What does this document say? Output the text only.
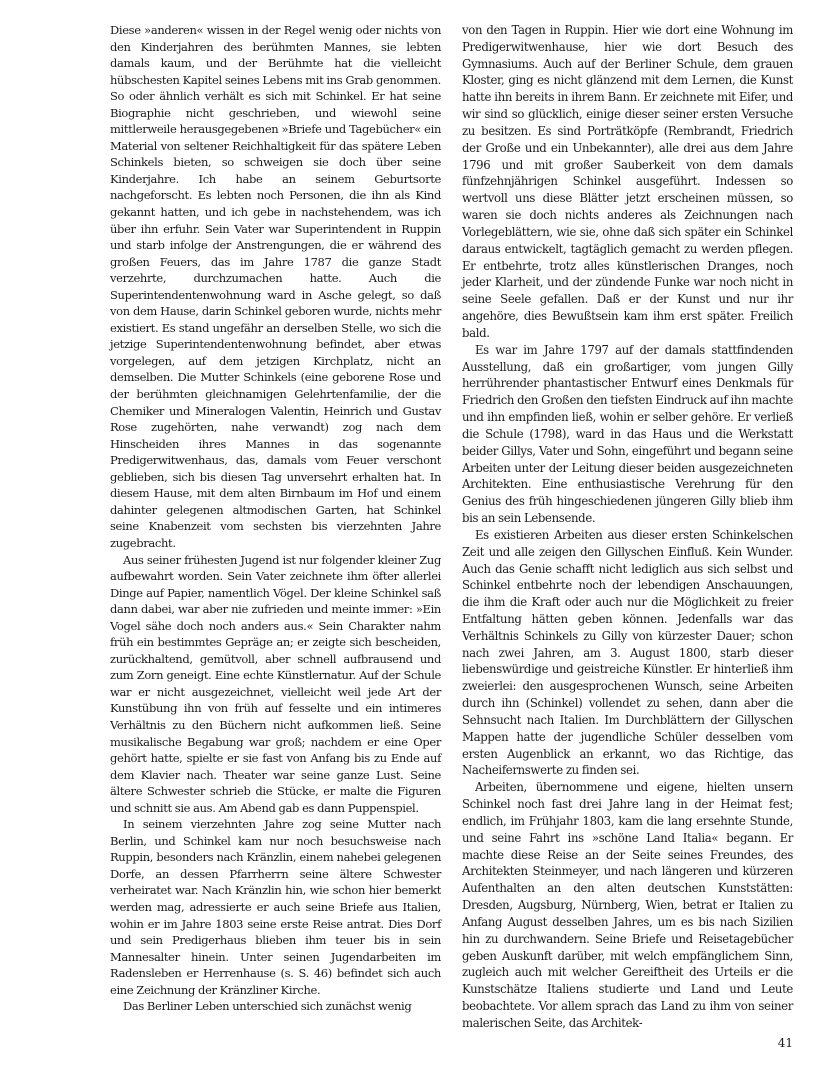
Diese »anderen« wissen in der Regel wenig oder nichts von den Kinderjahren des berühmten Mannes, sie lebten damals kaum, und der Berühmte hat die vielleicht hübschesten Kapitel seines Lebens mit ins Grab genommen. So oder ähnlich verhält es sich mit Schinkel. Er hat seine Biographie nicht geschrieben, und wiewohl seine mittlerweile herausgegebenen »Briefe und Tagebücher« ein Material von seltener Reichhaltigkeit für das spätere Leben Schinkels bieten, so schweigen sie doch über seine Kinderjahre. Ich habe an seinem Geburtsorte nachgeforscht. Es lebten noch Personen, die ihn als Kind gekannt hatten, und ich gebe in nachstehendem, was ich über ihn erfuhr. Sein Vater war Superintendent in Ruppin und starb infolge der Anstrengungen, die er während des großen Feuers, das im Jahre 1787 die ganze Stadt verzehrte, durchzumachen hatte. Auch die Superintendentenwohnung ward in Asche gelegt, so daß von dem Hause, darin Schinkel geboren wurde, nichts mehr existiert. Es stand ungefähr an derselben Stelle, wo sich die jetzige Superintendentenwohnung befindet, aber etwas vorgelegen, auf dem jetzigen Kirchplatz, nicht an demselben. Die Mutter Schinkels (eine geborene Rose und der berühmten gleichnamigen Gelehrtenfamilie, der die Chemiker und Mineralogen Valentin, Heinrich und Gustav Rose zugehörten, nahe verwandt) zog nach dem Hinscheiden ihres Mannes in das sogenannte Predigerwitwenhaus, das, damals vom Feuer verschont geblieben, sich bis diesen Tag unversehrt erhalten hat. In diesem Hause, mit dem alten Birnbaum im Hof und einem dahinter gelegenen altmodischen Garten, hat Schinkel seine Knabenzeit vom sechsten bis vierzehnten Jahre zugebracht.

Aus seiner frühesten Jugend ist nur folgender kleiner Zug aufbewahrt worden. Sein Vater zeichnete ihm öfter allerlei Dinge auf Papier, namentlich Vögel. Der kleine Schinkel saß dann dabei, war aber nie zufrieden und meinte immer: »Ein Vogel sähe doch noch anders aus.« Sein Charakter nahm früh ein bestimmtes Gepräge an; er zeigte sich bescheiden, zurückhaltend, gemütvoll, aber schnell aufbrausend und zum Zorn geneigt. Eine echte Künstlernatur. Auf der Schule war er nicht ausgezeichnet, vielleicht weil jede Art der Kunstübung ihn von früh auf fesselte und ein intimeres Verhältnis zu den Büchern nicht aufkommen ließ. Seine musikalische Begabung war groß; nachdem er eine Oper gehört hatte, spielte er sie fast von Anfang bis zu Ende auf dem Klavier nach. Theater war seine ganze Lust. Seine ältere Schwester schrieb die Stücke, er malte die Figuren und schnitt sie aus. Am Abend gab es dann Puppenspiel.

In seinem vierzehnten Jahre zog seine Mutter nach Berlin, und Schinkel kam nur noch besuchsweise nach Ruppin, besonders nach Kränzlin, einem nahebei gelegenen Dorfe, an dessen Pfarrherrn seine ältere Schwester verheiratet war. Nach Kränzlin hin, wie schon hier bemerkt werden mag, adressierte er auch seine Briefe aus Italien, wohin er im Jahre 1803 seine erste Reise antrat. Dies Dorf und sein Predigerhaus blieben ihm teuer bis in sein Mannesalter hinein. Unter seinen Jugendarbeiten im Radensleben er Herrenhause (s. S. 46) befindet sich auch eine Zeichnung der Kränzliner Kirche.

Das Berliner Leben unterschied sich zunächst wenig

von den Tagen in Ruppin. Hier wie dort eine Wohnung im Predigerwitwenhause, hier wie dort Besuch des Gymnasiums. Auch auf der Berliner Schule, dem grauen Kloster, ging es nicht glänzend mit dem Lernen, die Kunst hatte ihn bereits in ihrem Bann. Er zeichnete mit Eifer, und wir sind so glücklich, einige dieser seiner ersten Versuche zu besitzen. Es sind Porträtköpfe (Rembrandt, Friedrich der Große und ein Unbekannter), alle drei aus dem Jahre 1796 und mit großer Sauberkeit von dem damals fünfzehnjährigen Schinkel ausgeführt. Indessen so wertvoll uns diese Blätter jetzt erscheinen müssen, so waren sie doch nichts anderes als Zeichnungen nach Vorlegeblättern, wie sie, ohne daß sich später ein Schinkel daraus entwickelt, tagtäglich gemacht zu werden pflegen. Er entbehrte, trotz alles künstlerischen Dranges, noch jeder Klarheit, und der zündende Funke war noch nicht in seine Seele gefallen. Daß er der Kunst und nur ihr angehöre, dies Bewußtsein kam ihm erst später. Freilich bald.

Es war im Jahre 1797 auf der damals stattfindenden Ausstellung, daß ein großartiger, vom jungen Gilly herrührender phantastischer Entwurf eines Denkmals für Friedrich den Großen den tiefsten Eindruck auf ihn machte und ihn empfinden ließ, wohin er selber gehöre. Er verließ die Schule (1798), ward in das Haus und die Werkstatt beider Gillys, Vater und Sohn, eingeführt und begann seine Arbeiten unter der Leitung dieser beiden ausgezeichneten Architekten. Eine enthusiastische Verehrung für den Genius des früh hingeschiedenen jüngeren Gilly blieb ihm bis an sein Lebensende.

Es existieren Arbeiten aus dieser ersten Schinkelschen Zeit und alle zeigen den Gillyschen Einfluß. Kein Wunder. Auch das Genie schafft nicht lediglich aus sich selbst und Schinkel entbehrte noch der lebendigen Anschauungen, die ihm die Kraft oder auch nur die Möglichkeit zu freier Entfaltung hätten geben können. Jedenfalls war das Verhältnis Schinkels zu Gilly von kürzester Dauer; schon nach zwei Jahren, am 3. August 1800, starb dieser liebenswürdige und geistreiche Künstler. Er hinterließ ihm zweierlei: den ausgesprochenen Wunsch, seine Arbeiten durch ihn (Schinkel) vollendet zu sehen, dann aber die Sehnsucht nach Italien. Im Durchblättern der Gillyschen Mappen hatte der jugendliche Schüler desselben vom ersten Augenblick an erkannt, wo das Richtige, das Nacheifernswerte zu finden sei.

Arbeiten, übernommene und eigene, hielten unsern Schinkel noch fast drei Jahre lang in der Heimat fest; endlich, im Frühjahr 1803, kam die lang ersehnte Stunde, und seine Fahrt ins »schöne Land Italia« begann. Er machte diese Reise an der Seite seines Freundes, des Architekten Steinmeyer, und nach längeren und kürzeren Aufenthalten an den alten deutschen Kunststätten: Dresden, Augsburg, Nürnberg, Wien, betrat er Italien zu Anfang August desselben Jahres, um es bis nach Sizilien hin zu durchwandern. Seine Briefe und Reisetagebücher geben Auskunft darüber, mit welch empfänglichem Sinn, zugleich auch mit welcher Gereiftheit des Urteils er die Kunstschätze Italiens studierte und Land und Leute beobachtete. Vor allem sprach das Land zu ihm von seiner malerischen Seite, das Architek-

41
